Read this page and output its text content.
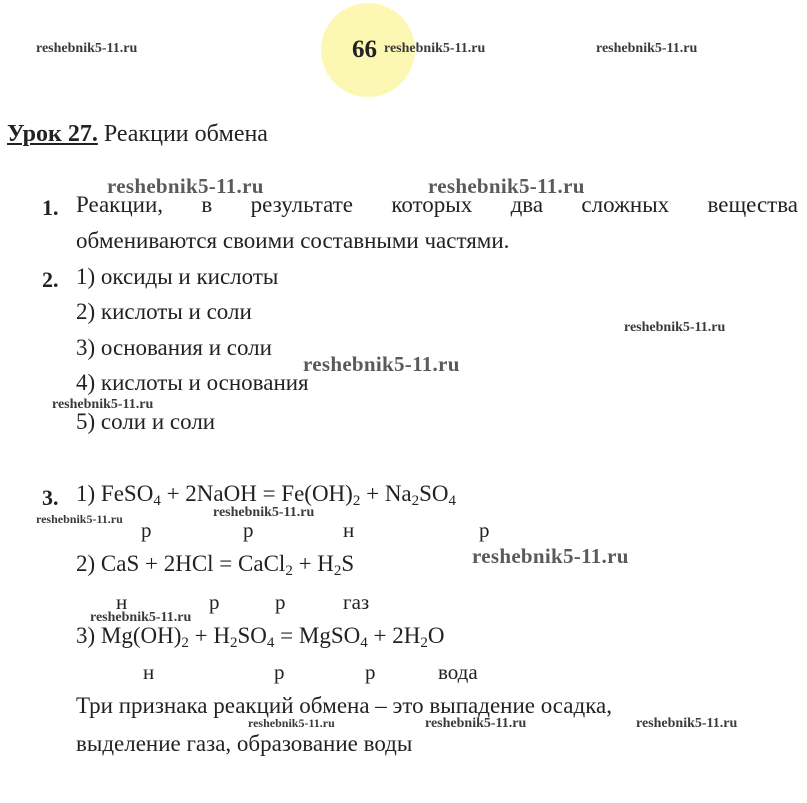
66
reshebnik5-11.ru	reshebnik5-11.ru	reshebnik5-11.ru
Урок 27. Реакции обмена
reshebnik5-11.ru	reshebnik5-11.ru
1. Реакции, в результате которых два сложных вещества
обмениваются своими составными частями.
2. 1) оксиды и кислоты
2) кислоты и соли
reshebnik5-11.ru
3) основания и соли
reshebnik5-11.ru
4) кислоты и основания
reshebnik5-11.ru
5) соли и соли
3. 1) FeSO$_4$ + 2NaOH = $Fe(OH)_2 + Na_2SO_4$
reshebnik5-11.ru	reshebnik5-11.ru
р	р	н	р
reshebnik5-11.ru
2) CaS + 2HCl = CaCl$_2$ + $H_2S$
н	р	р	газ
reshebnik5-11.ru
3) $Mg(OH)_2 + H_2SO_4$ = MgSO$_4$ + $2H_2O$
н	р	р	вода
Три признака реакций обмена – это выпадение осадка,
reshebnik5-11.ru	reshebnik5-11.ru	reshebnik5-11.ru
выделение газа, образование воды
